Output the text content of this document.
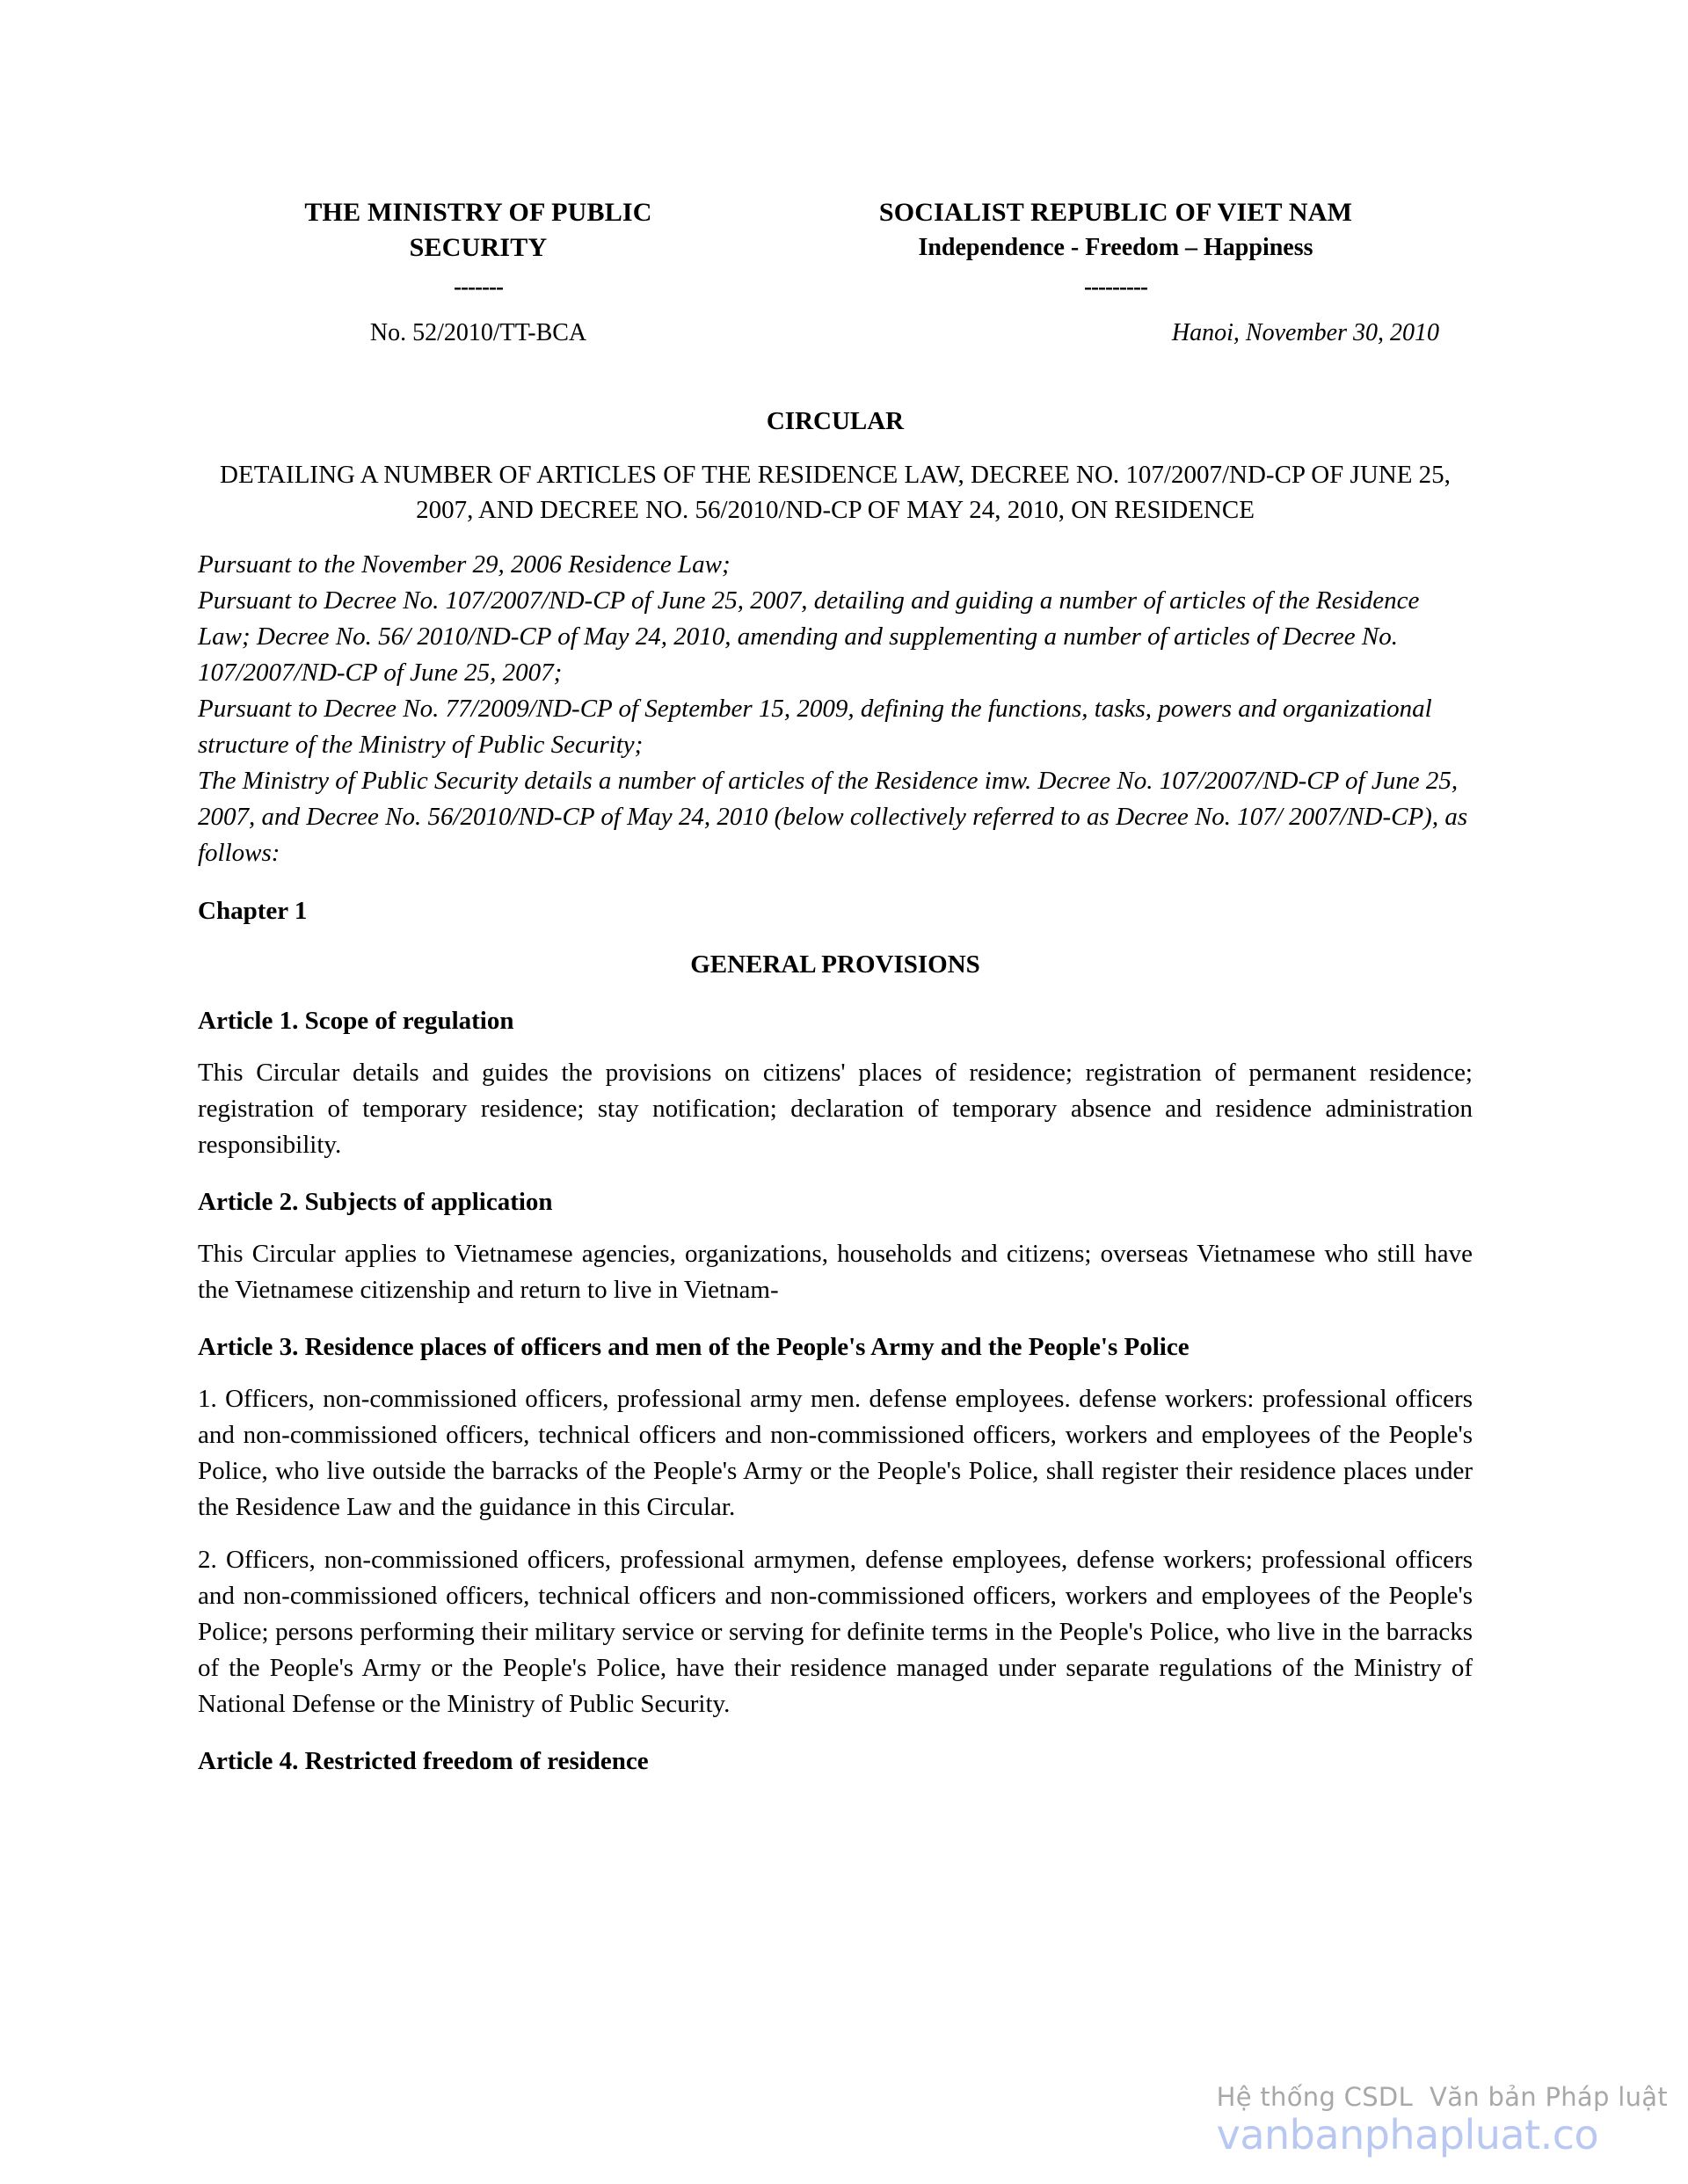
THE MINISTRY OF PUBLIC
SECURITY
-------
No. 52/2010/TT-BCA
SOCIALIST REPUBLIC OF VIET NAM
Independence - Freedom – Happiness
---------
Hanoi, November 30, 2010
CIRCULAR
DETAILING A NUMBER OF ARTICLES OF THE RESIDENCE LAW, DECREE NO. 107/2007/ND-CP OF JUNE 25, 2007, AND DECREE NO. 56/2010/ND-CP OF MAY 24, 2010, ON RESIDENCE

Pursuant to the November 29, 2006 Residence Law;

Pursuant to Decree No. 107/2007/ND-CP of June 25, 2007, detailing and guiding a number of articles of the Residence Law; Decree No. 56/ 2010/ND-CP of May 24, 2010, amending and supplementing a number of articles of Decree No. 107/2007/ND-CP of June 25, 2007;

Pursuant to Decree No. 77/2009/ND-CP of September 15, 2009, defining the functions, tasks, powers and organizational structure of the Ministry of Public Security;

The Ministry of Public Security details a number of articles of the Residence imw. Decree No. 107/2007/ND-CP of June 25, 2007, and Decree No. 56/2010/ND-CP of May 24, 2010 (below collectively referred to as Decree No. 107/ 2007/ND-CP), as follows:

Chapter 1
GENERAL PROVISIONS
Article 1. Scope of regulation
This Circular details and guides the provisions on citizens' places of residence; registration of permanent residence; registration of temporary residence; stay notification; declaration of temporary absence and residence administration responsibility.
Article 2. Subjects of application
This Circular applies to Vietnamese agencies, organizations, households and citizens; overseas Vietnamese who still have the Vietnamese citizenship and return to live in Vietnam-
Article 3. Residence places of officers and men of the People's Army and the People's Police
1. Officers, non-commissioned officers, professional army men. defense employees. defense workers: professional officers and non-commissioned officers, technical officers and non-commissioned officers, workers and employees of the People's Police, who live outside the barracks of the People's Army or the People's Police, shall register their residence places under the Residence Law and the guidance in this Circular.
2. Officers, non-commissioned officers, professional armymen, defense employees, defense workers; professional officers and non-commissioned officers, technical officers and non-commissioned officers, workers and employees of the People's Police; persons performing their military service or serving for definite terms in the People's Police, who live in the barracks of the People's Army or the People's Police, have their residence managed under separate regulations of the Ministry of National Defense or the Ministry of Public Security.
Article 4. Restricted freedom of residence
Hệ thống CSDL  Văn bản Pháp luật
vanbanphapluat.co
